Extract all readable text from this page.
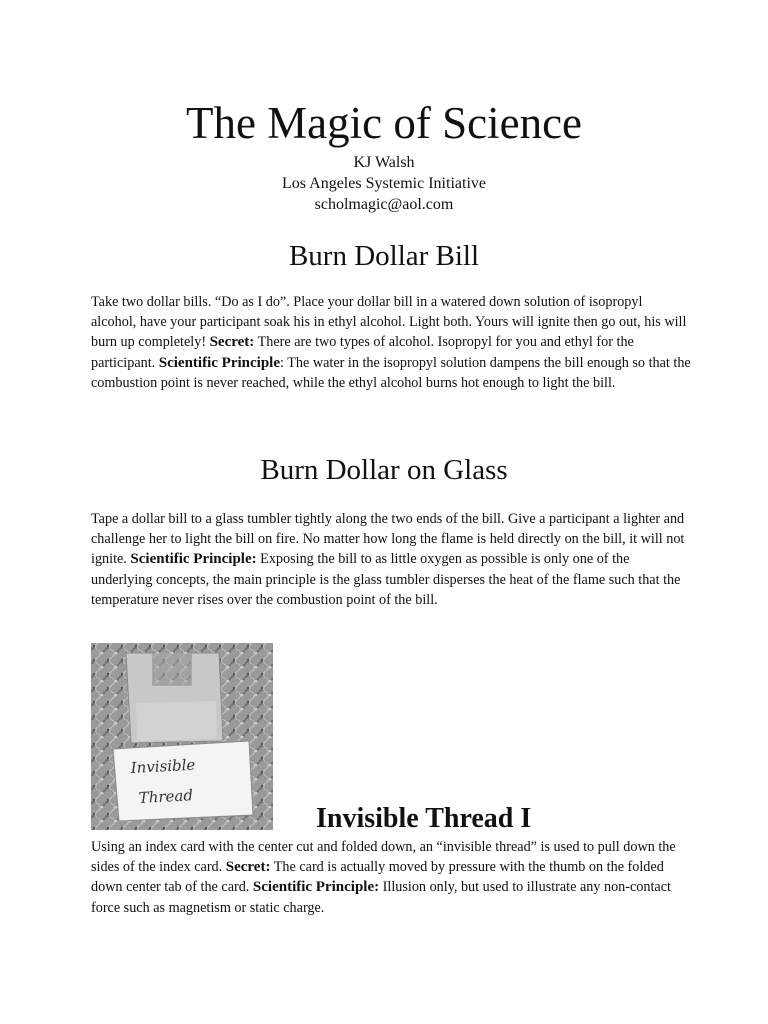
The Magic of Science
KJ Walsh
Los Angeles Systemic Initiative
scholmagic@aol.com
Burn Dollar Bill

Take two dollar bills. “Do as I do”. Place your dollar bill in a watered down solution of isopropyl alcohol, have your participant soak his in ethyl alcohol. Light both. Yours will ignite then go out, his will burn up completely! Secret: There are two types of alcohol. Isopropyl for you and ethyl for the participant. Scientific Principle: The water in the isopropyl solution dampens the bill enough so that the combustion point is never reached, while the ethyl alcohol burns hot enough to light the bill.

Burn Dollar on Glass

Tape a dollar bill to a glass tumbler tightly along the two ends of the bill. Give a participant a lighter and challenge her to light the bill on fire. No matter how long the flame is held directly on the bill, it will not ignite. Scientific Principle: Exposing the bill to as little oxygen as possible is only one of the underlying concepts, the main principle is the glass tumbler disperses the heat of the flame such that the temperature never rises over the combustion point of the bill.

Invisible
Thread
Invisible Thread I

Using an index card with the center cut and folded down, an “invisible thread” is used to pull down the sides of the index card. Secret: The card is actually moved by pressure with the thumb on the folded down center tab of the card. Scientific Principle: Illusion only, but used to illustrate any non-contact force such as magnetism or static charge.
